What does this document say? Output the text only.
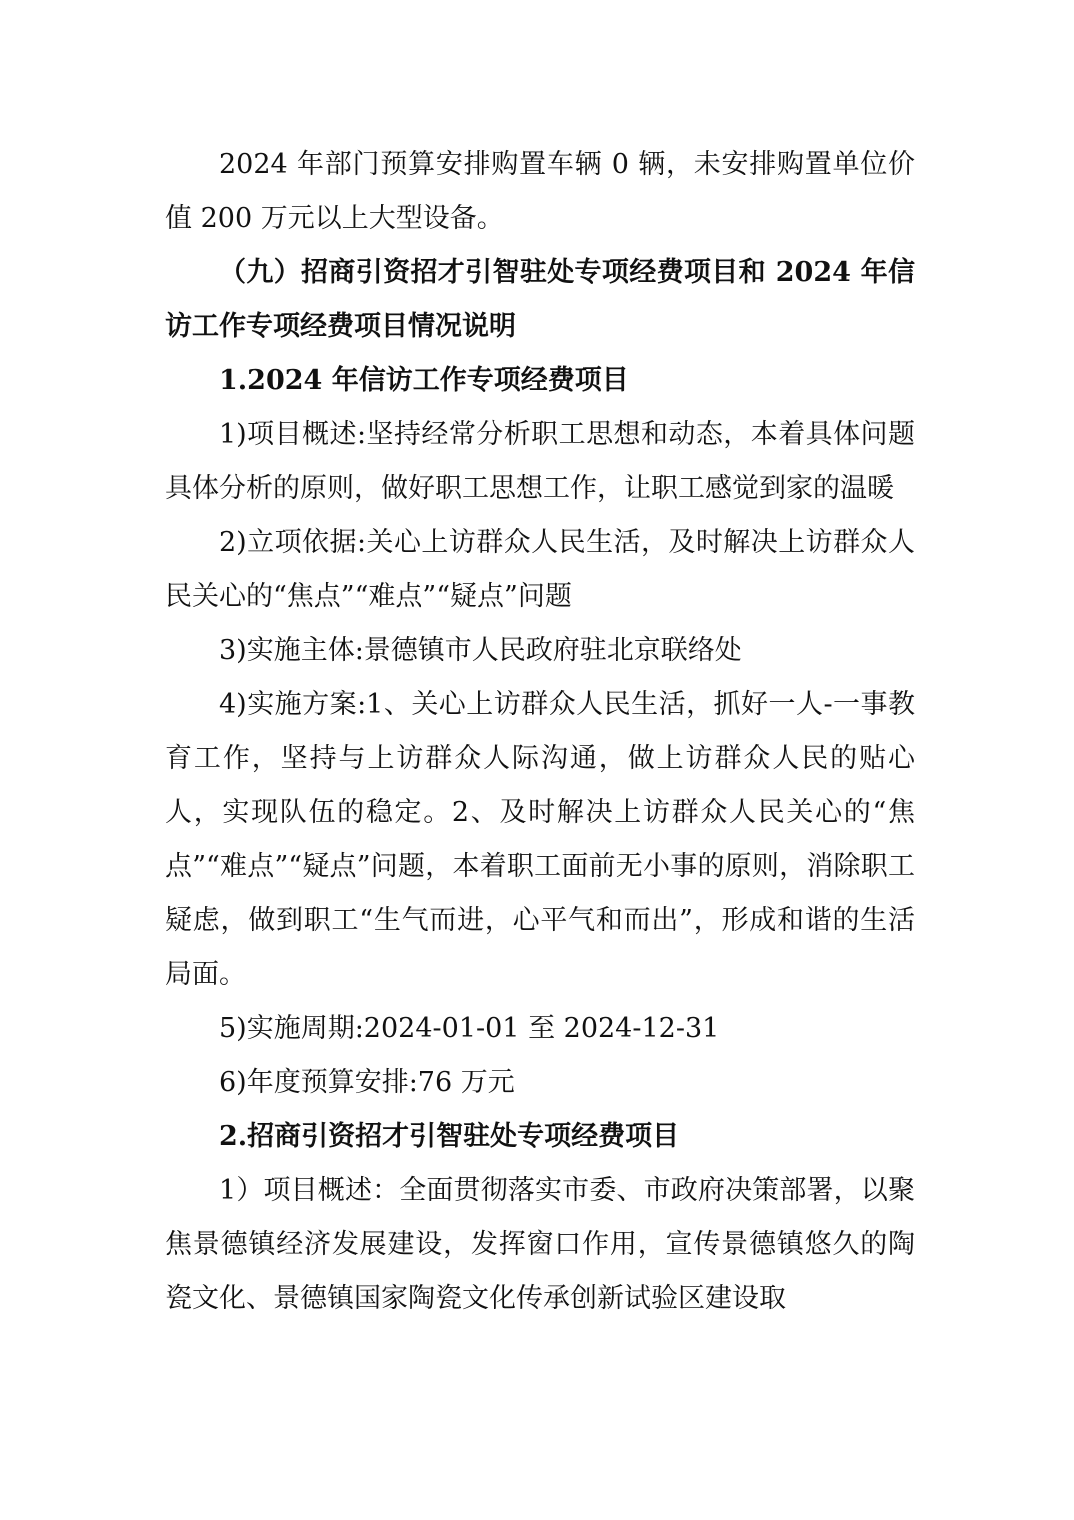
2024 年部门预算安排购置车辆 0 辆，未安排购置单位价值 200 万元以上大型设备。

（九）招商引资招才引智驻处专项经费项目和 2024 年信访工作专项经费项目情况说明

1.2024 年信访工作专项经费项目

1)项目概述:坚持经常分析职工思想和动态，本着具体问题具体分析的原则，做好职工思想工作，让职工感觉到家的温暖

2)立项依据:关心上访群众人民生活，及时解决上访群众人民关心的“焦点”“难点”“疑点”问题

3)实施主体:景德镇市人民政府驻北京联络处

4)实施方案:1、关心上访群众人民生活，抓好一人-一事教育工作，坚持与上访群众人际沟通，做上访群众人民的贴心人，实现队伍的稳定。2、及时解决上访群众人民关心的“焦点”“难点”“疑点”问题，本着职工面前无小事的原则，消除职工疑虑，做到职工“生气而进，心平气和而出”，形成和谐的生活局面。

5)实施周期:2024-01-01 至 2024-12-31

6)年度预算安排:76 万元

2.招商引资招才引智驻处专项经费项目

1）项目概述：全面贯彻落实市委、市政府决策部署，以聚焦景德镇经济发展建设，发挥窗口作用，宣传景德镇悠久的陶瓷文化、景德镇国家陶瓷文化传承创新试验区建设取
